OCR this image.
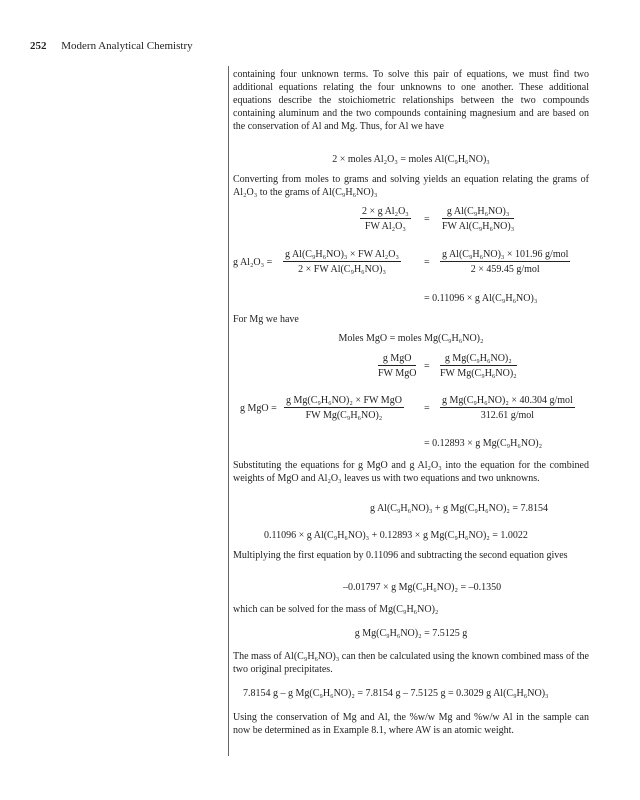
252 Modern Analytical Chemistry
containing four unknown terms. To solve this pair of equations, we must find two additional equations relating the four unknowns to one another. These additional equations describe the stoichiometric relationships between the two compounds containing aluminum and the two compounds containing magnesium and are based on the conservation of Al and Mg. Thus, for Al we have
2 × moles Al₂O₃ = moles Al(C₉H₆NO)₃
Converting from moles to grams and solving yields an equation relating the grams of Al₂O₃ to the grams of Al(C₉H₆NO)₃
$\frac{\text{2 × g Al₂O₃}}{\text{FW Al₂O₃}} = \frac{\text{g Al(C₉H₆NO)₃}}{\text{FW Al(C₉H₆NO)₃}}$
g $Al_2O_3 = \frac{\text{g Al(C₉H₆NO)₃ × FW Al₂O₃}}{\text{2 × FW Al(C₉H₆NO)₃}}$ =
g Al(C₉H₆NO)₃ × 101.96 g/mol
2 × 459.45 g/mol
= 0.11096 × g Al(C₉H₆NO)₃
For Mg we have
Moles MgO = moles Mg(C₉H₆NO)₂
g MgO
FW MgO
= $\frac{\text{g Mg(C₉H₆NO)₂}}{\text{FW Mg(C₉H₆NO)₂}}$
g MgO =
g Mg(C₉H₆NO)₂ × FW MgO
FW Mg(C₉H₆NO)₂
=
g Mg(C₉H₆NO)₂ × 40.304 g/mol
312.61 g/mol
= 0.12893 × g Mg(C₉H₆NO)₂
Substituting the equations for g MgO and g Al₂O₃ into the equation for the combined weights of MgO and Al₂O₃ leaves us with two equations and two unknowns.
g Al(C₉H₆NO)₃ + g Mg(C₉H₆NO)₂ = 7.8154
0.11096 × g Al(C₉H₆NO)₃ + 0.12893 × g Mg(C₉H₆NO)₂ = 1.0022
Multiplying the first equation by 0.11096 and subtracting the second equation gives
–0.01797 × g Mg(C₉H₆NO)₂ = –0.1350
which can be solved for the mass of Mg(C₉H₆NO)₂
g Mg(C₉H₆NO)₂ = 7.5125 g
The mass of Al(C₉H₆NO)₃ can then be calculated using the known combined mass of the two original precipitates.
7.8154 g – g Mg(C₉H₆NO)₂ = 7.8154 g – 7.5125 g = 0.3029 g Al(C₉H₆NO)₃
Using the conservation of Mg and Al, the %w/w Mg and %w/w Al in the sample can now be determined as in Example 8.1, where AW is an atomic weight.
